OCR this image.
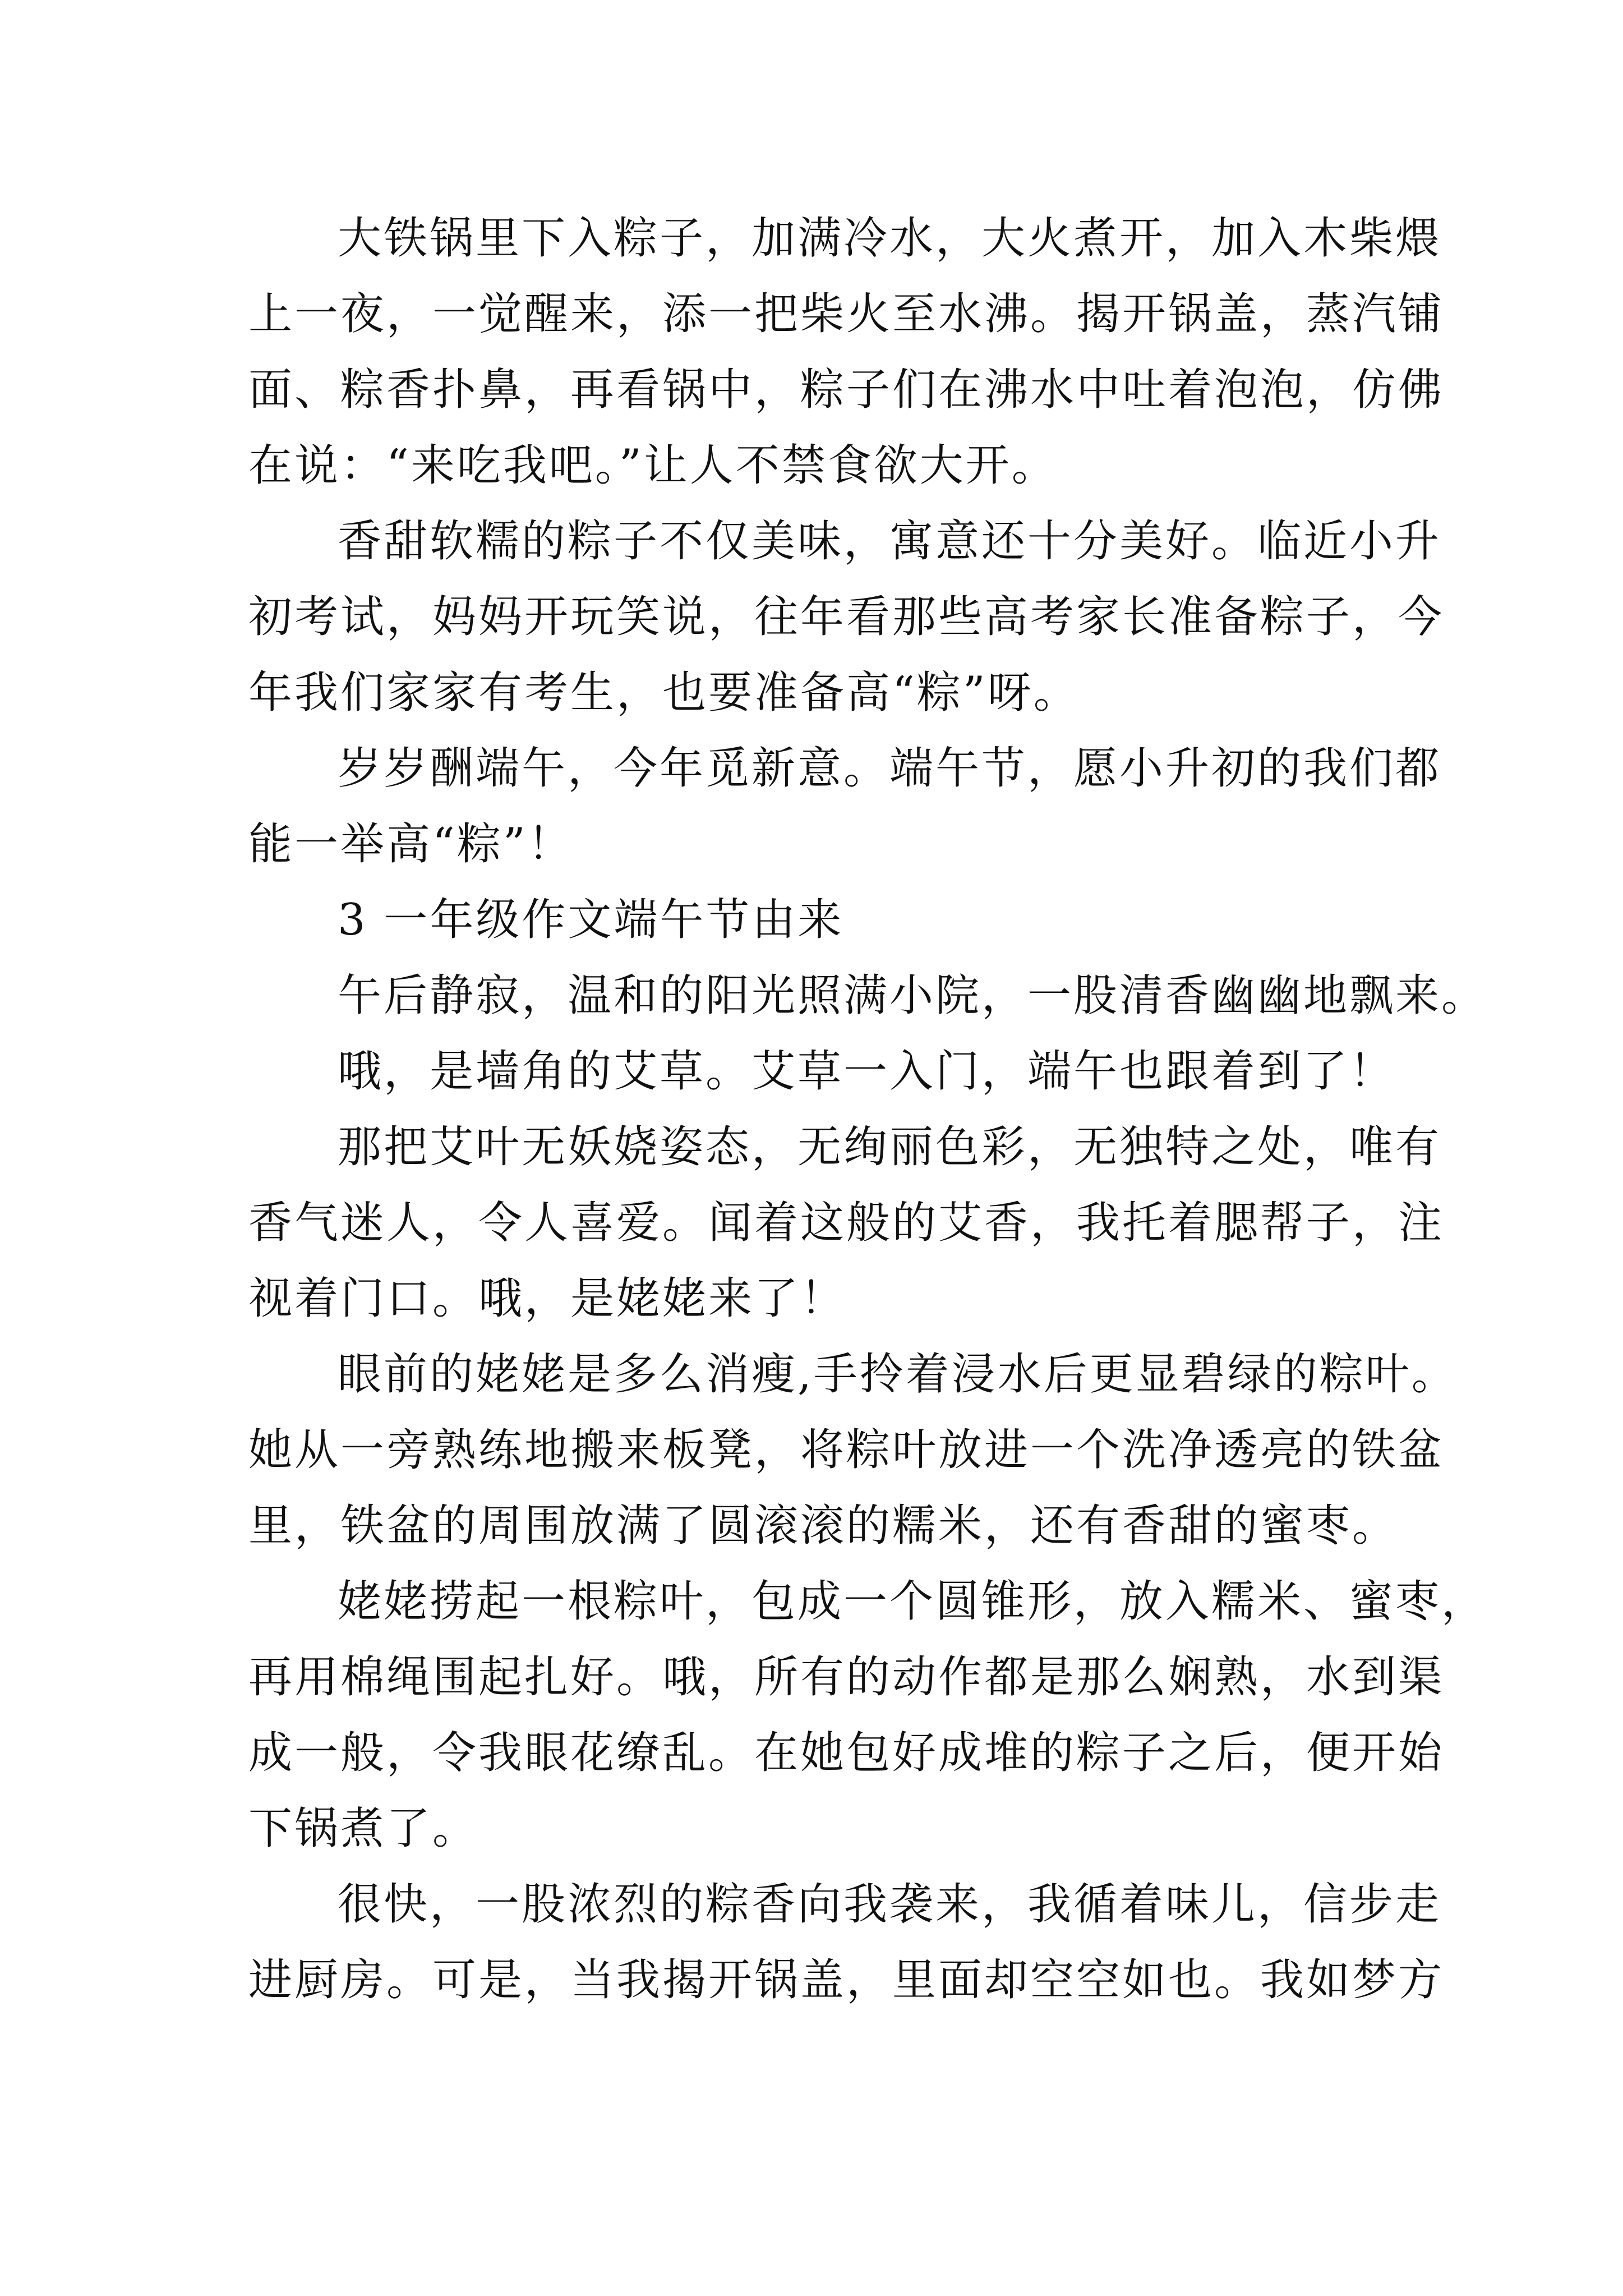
大铁锅里下入粽子，加满冷水，大火煮开，加入木柴煨
上一夜，一觉醒来，添一把柴火至水沸。揭开锅盖，蒸汽铺
面、粽香扑鼻，再看锅中，粽子们在沸水中吐着泡泡，仿佛
在说：“来吃我吧。”让人不禁食欲大开。
香甜软糯的粽子不仅美味，寓意还十分美好。临近小升
初考试，妈妈开玩笑说，往年看那些高考家长准备粽子，今
年我们家家有考生，也要准备高“粽”呀。
岁岁酬端午，今年觅新意。端午节，愿小升初的我们都
能一举高“粽”！
3 一年级作文端午节由来
午后静寂，温和的阳光照满小院，一股清香幽幽地飘来。
哦，是墙角的艾草。艾草一入门，端午也跟着到了！
那把艾叶无妖娆姿态，无绚丽色彩，无独特之处，唯有
香气迷人，令人喜爱。闻着这般的艾香，我托着腮帮子，注
视着门口。哦，是姥姥来了！
眼前的姥姥是多么消瘦,手拎着浸水后更显碧绿的粽叶。
她从一旁熟练地搬来板凳，将粽叶放进一个洗净透亮的铁盆
里，铁盆的周围放满了圆滚滚的糯米，还有香甜的蜜枣。
姥姥捞起一根粽叶，包成一个圆锥形，放入糯米、蜜枣，
再用棉绳围起扎好。哦，所有的动作都是那么娴熟，水到渠
成一般，令我眼花缭乱。在她包好成堆的粽子之后，便开始
下锅煮了。
很快，一股浓烈的粽香向我袭来，我循着味儿，信步走
进厨房。可是，当我揭开锅盖，里面却空空如也。我如梦方
